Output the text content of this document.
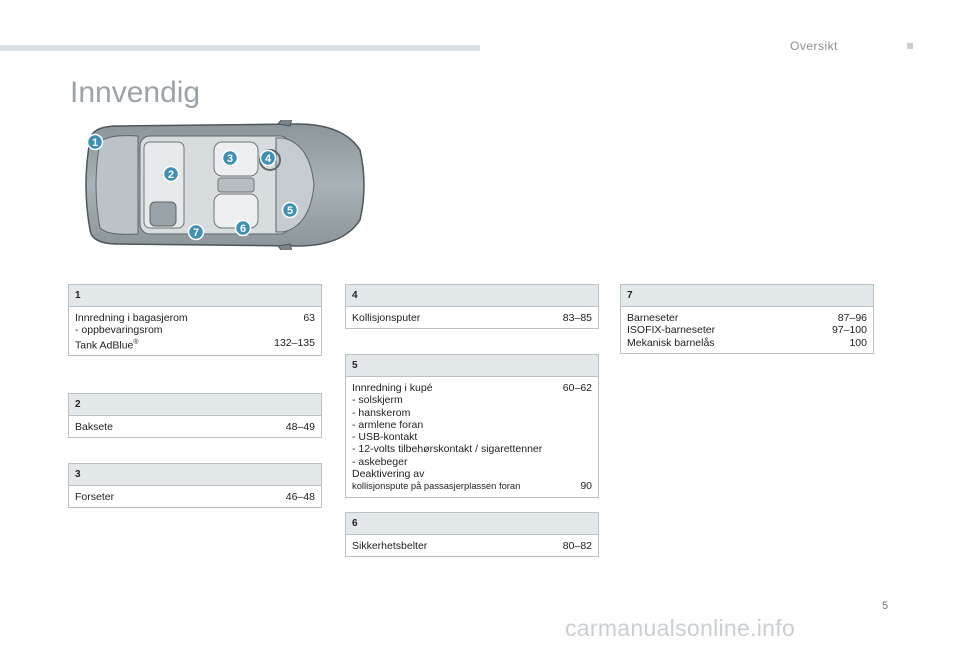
Oversikt
Innvendig
1
2
3	4
5
6
7
1
Innredning i bagasjerom	63
- oppbevaringsrom
Tank AdBlue®	132–135
2
Baksete	48–49
3
Forseter	46–48
4
Kollisjonsputer	83–85
5
Innredning i kupé	60–62
- solskjerm
- hanskerom
- armlene foran
- USB-kontakt
- 12-volts tilbehørskontakt / sigarettenner
- askebeger
Deaktivering av
kollisjonspute på passasjerplassen foran	90
6
Sikkerhetsbelter	80–82
7
Barneseter	87–96
ISOFIX-barneseter	97–100
Mekanisk barnelås	100
5
carmanualsonline.info
